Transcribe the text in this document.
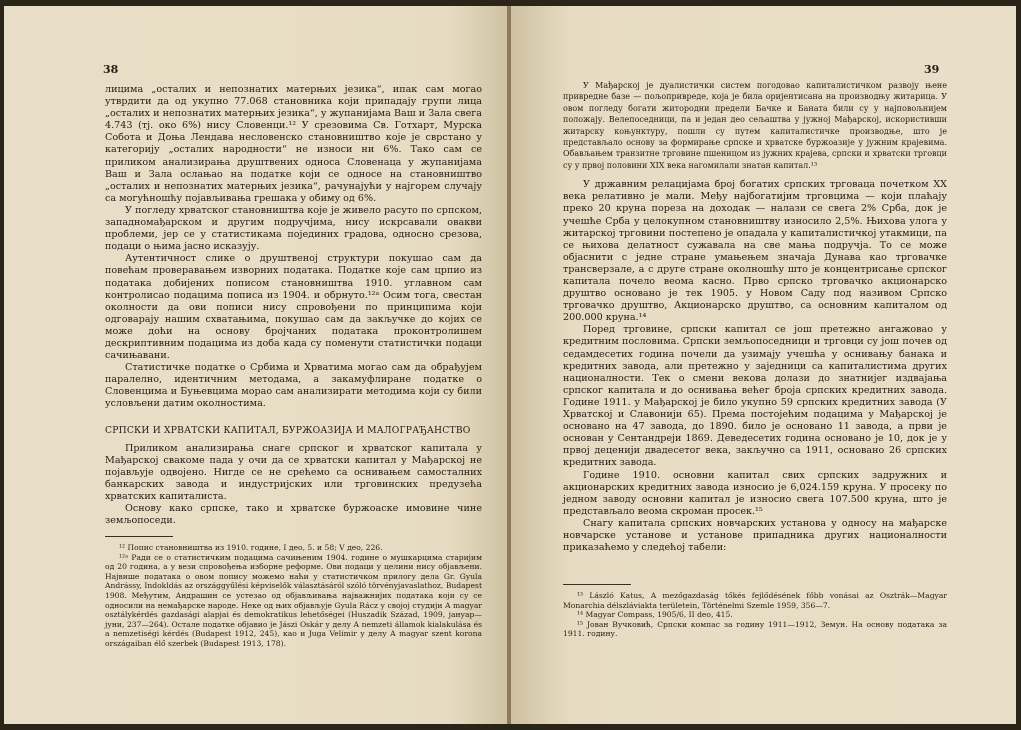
38

лицима „осталих и непознатих матерњих језика“, ипак сам могао утврдити да од укупно 77.068 становника који припадају групи лица „осталих и непознатих матерњих језика“, у жупанијама Ваш и Зала свега 4.743 (тј. око 6%) нису Словенци.¹² У срезовима Св. Готхарт, Мурска Собота и Доња Лендава несловенско становништво које је сврстано у категорију „осталих народности“ не износи ни 6%. Тако сам се приликом анализирања друштвених односа Словенаца у жупанијама Ваш и Зала ослањао на податке који се односе на становништво „осталих и непознатих матерњих језика“, рачунајући у најгорем случају са могућношћу појављивања грешака у обиму од 6%.

У погледу хрватског становништва које је живело расуто по српском, западномађарском и другим подручјима, нису искрсавали овакви проблеми, јер се у статистикама појединих градова, односно срезова, подаци о њима јасно исказују.

Аутентичност слике о друштвеној структури покушао сам да повећам проверавањем изворних података. Податке које сам црпио из података добијених пописом становништва 1910. углавном сам контролисао подацима пописа из 1904. и обрнуто.¹²ᵃ Осим тога, свестан околности да ови пописи нису спровођени по принципима који одговарају нашим схватањима, покушао сам да закључке до којих се може доћи на основу бројчаних података проконтролишем дескриптивним подацима из доба када су поменути статистички подаци сачињавани.

Статистичке податке о Србима и Хрватима могао сам да обрађујем паралелно, идентичним методама, а закамуфлиране податке о Словенцима и Буњевцима морао сам анализирати методима који су били условљени датим околностима.

СРПСКИ И ХРВАТСКИ КАПИТАЛ, БУРЖОАЗИЈА И МАЛОГРАЂАНСТВО

Приликом анализирања снаге српског и хрватског капитала у Мађарској свакоме пада у очи да се хрватски капитал у Мађарској не појављује одвојено. Нигде се не срећемо са оснивањем самосталних банкарских завода и индустријских или трговинских предузећа хрватских капиталиста.

Основу како српске, тако и хрватске буржоаске имовине чине земљопоседи.

¹² Попис становништва из 1910. године, I део, 5. и 58; V део, 226.

¹²ᵃ Ради се о статистичким подацима сачињеним 1904. године о мушкарцима старијим од 20 година, а у вези спровођења изборне реформе. Ови подаци у целини нису објављени. Највише података о овом попису можемо наћи у статистичком прилогу дела Gr. Gyula Andrássy, Indokldás az országgyűlési képviselők választásáról szóló törvényjavaslathoz, Budapest 1908. Међутим, Андрашин се устезао од објављивања најважнијих података који су се односили на немађарске народе. Неке од њих објављује Gyula Rácz у својој студији A magyar osztálykérdés gazdasági alapjai és demokratikus lehetőségei (Huszadik Század, 1909, јануар—јуни, 237—264). Остале податке објавио је Jászi Oskár у делу A nemzeti államok kialakulása és a nemzetiségi kérdés (Budapest 1912, 245), као и Juga Velimir у делу A magyar szent korona országaiban élő szerbek (Budapest 1913, 178).

39

У Мађарској је дуалистички систем погодовао капиталистичком развоју њене привредне базе — пољопривреде, која је била оријентисана на производњу житарица. У овом погледу богати житородни предели Бачке и Баната били су у најповољнијем положају. Велепоседници, па и један део сељаштва у јужној Мађарској, искористивши житарску коњунктуру, пошли су путем капиталистичке производње, што је представљало основу за формирање српске и хрватске буржоазије у јужним крајевима. Обављањем транзитне трговине пшеницом из јужних крајева, српски и хрватски трговци су у првој половини XIX века нагомилали знатан капитал.¹³

У државним релацијама број богатих српских трговаца почетком XX века релативно је мали. Међу најбогатијим трговцима — који плаћају преко 20 круна пореза на доходак — налази се свега 2% Срба, док је учешће Срба у целокупном становништву износило 2,5%. Њихова улога у житарској трговини постепено је опадала у капиталистичкој утакмици, па се њихова делатност сужавала на све мања подручја. То се може објаснити с једне стране умањењем значаја Дунава као трговачке трансверзале, а с друге стране околношћу што је концентрисање српског капитала почело веома касно. Прво српско трговачко акционарско друштво основано је тек 1905. у Новом Саду под називом Српско трговачко друштво, Акционарско друштво, са основним капиталом од 200.000 круна.¹⁴

Поред трговине, српски капитал се још претежно ангажовао у кредитним пословима. Српски земљопоседници и трговци су још почев од седамдесетих година почели да узимају учешћа у оснивању банака и кредитних завода, али претежно у заједници са капиталистима других националности. Тек о смени векова долази до знатнијег издвајања српског капитала и до оснивања већег броја српских кредитних завода. Године 1911. у Мађарској је било укупно 59 српских кредитних завода (У Хрватској и Славонији 65). Према постојећим подацима у Мађарској је основано на 47 завода, до 1890. било је основано 11 завода, а први је основан у Сентандреји 1869. Деведесетих година основано је 10, док је у првој деценији двадесетог века, закључно са 1911, основано 26 српских кредитних завода.

Године 1910. основни капитал свих српских задружних и акционарских кредитних завода износио је 6,024.159 круна. У просеку по једном заводу основни капитал је износио свега 107.500 круна, што је представљало веома скроман просек.¹⁵

Снагу капитала српских новчарских установа у односу на мађарске новчарске установе и установе припадника других националности приказаћемо у следећој табели:

¹³ László Katus, A mezőgazdaság tőkés fejlődésének főbb vonásai az Osztrák—Magyar Monarchia délszláviakta területein, Történelmi Szemle 1959, 356—7.

¹⁴ Magyar Compass, 1905/6, II deo, 415.

¹⁵ Јован Вучковић, Српски компас за годину 1911—1912, Земун. На основу података за 1911. годину.
